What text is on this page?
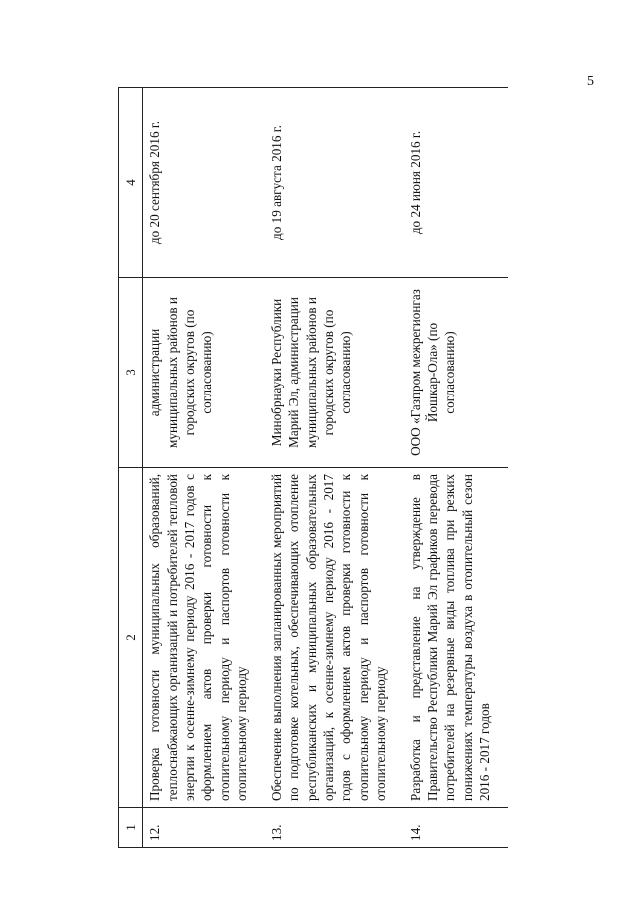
5
1	2	3	4
12.	Проверка готовности муниципальных образований, теплоснабжающих организаций и потребителей тепловой энергии к осенне-зимнему периоду 2016 - 2017 годов с оформлением актов проверки готовности к отопительному периоду и паспортов готовности к отопительному периоду	администрации муниципальных районов и городских округов (по согласованию)	до 20 сентября 2016 г.
13.	Обеспечение выполнения запланированных мероприятий по подготовке котельных, обеспечивающих отопление республиканских и муниципальных образовательных организаций, к осенне-зимнему периоду 2016 - 2017 годов с оформлением актов проверки готовности к отопительному периоду и паспортов готовности к отопительному периоду	Минобрнауки Республики Марий Эл, администрации муниципальных районов и городских округов (по согласованию)	до 19 августа 2016 г.
14.	Разработка и представление на утверждение в Правительство Республики Марий Эл графиков перевода потребителей на резервные виды топлива при резких понижениях температуры воздуха в отопительный сезон 2016 - 2017 годов	ООО «Газпром межрегионгаз Йошкар-Ола» (по согласованию)	до 24 июня 2016 г.
